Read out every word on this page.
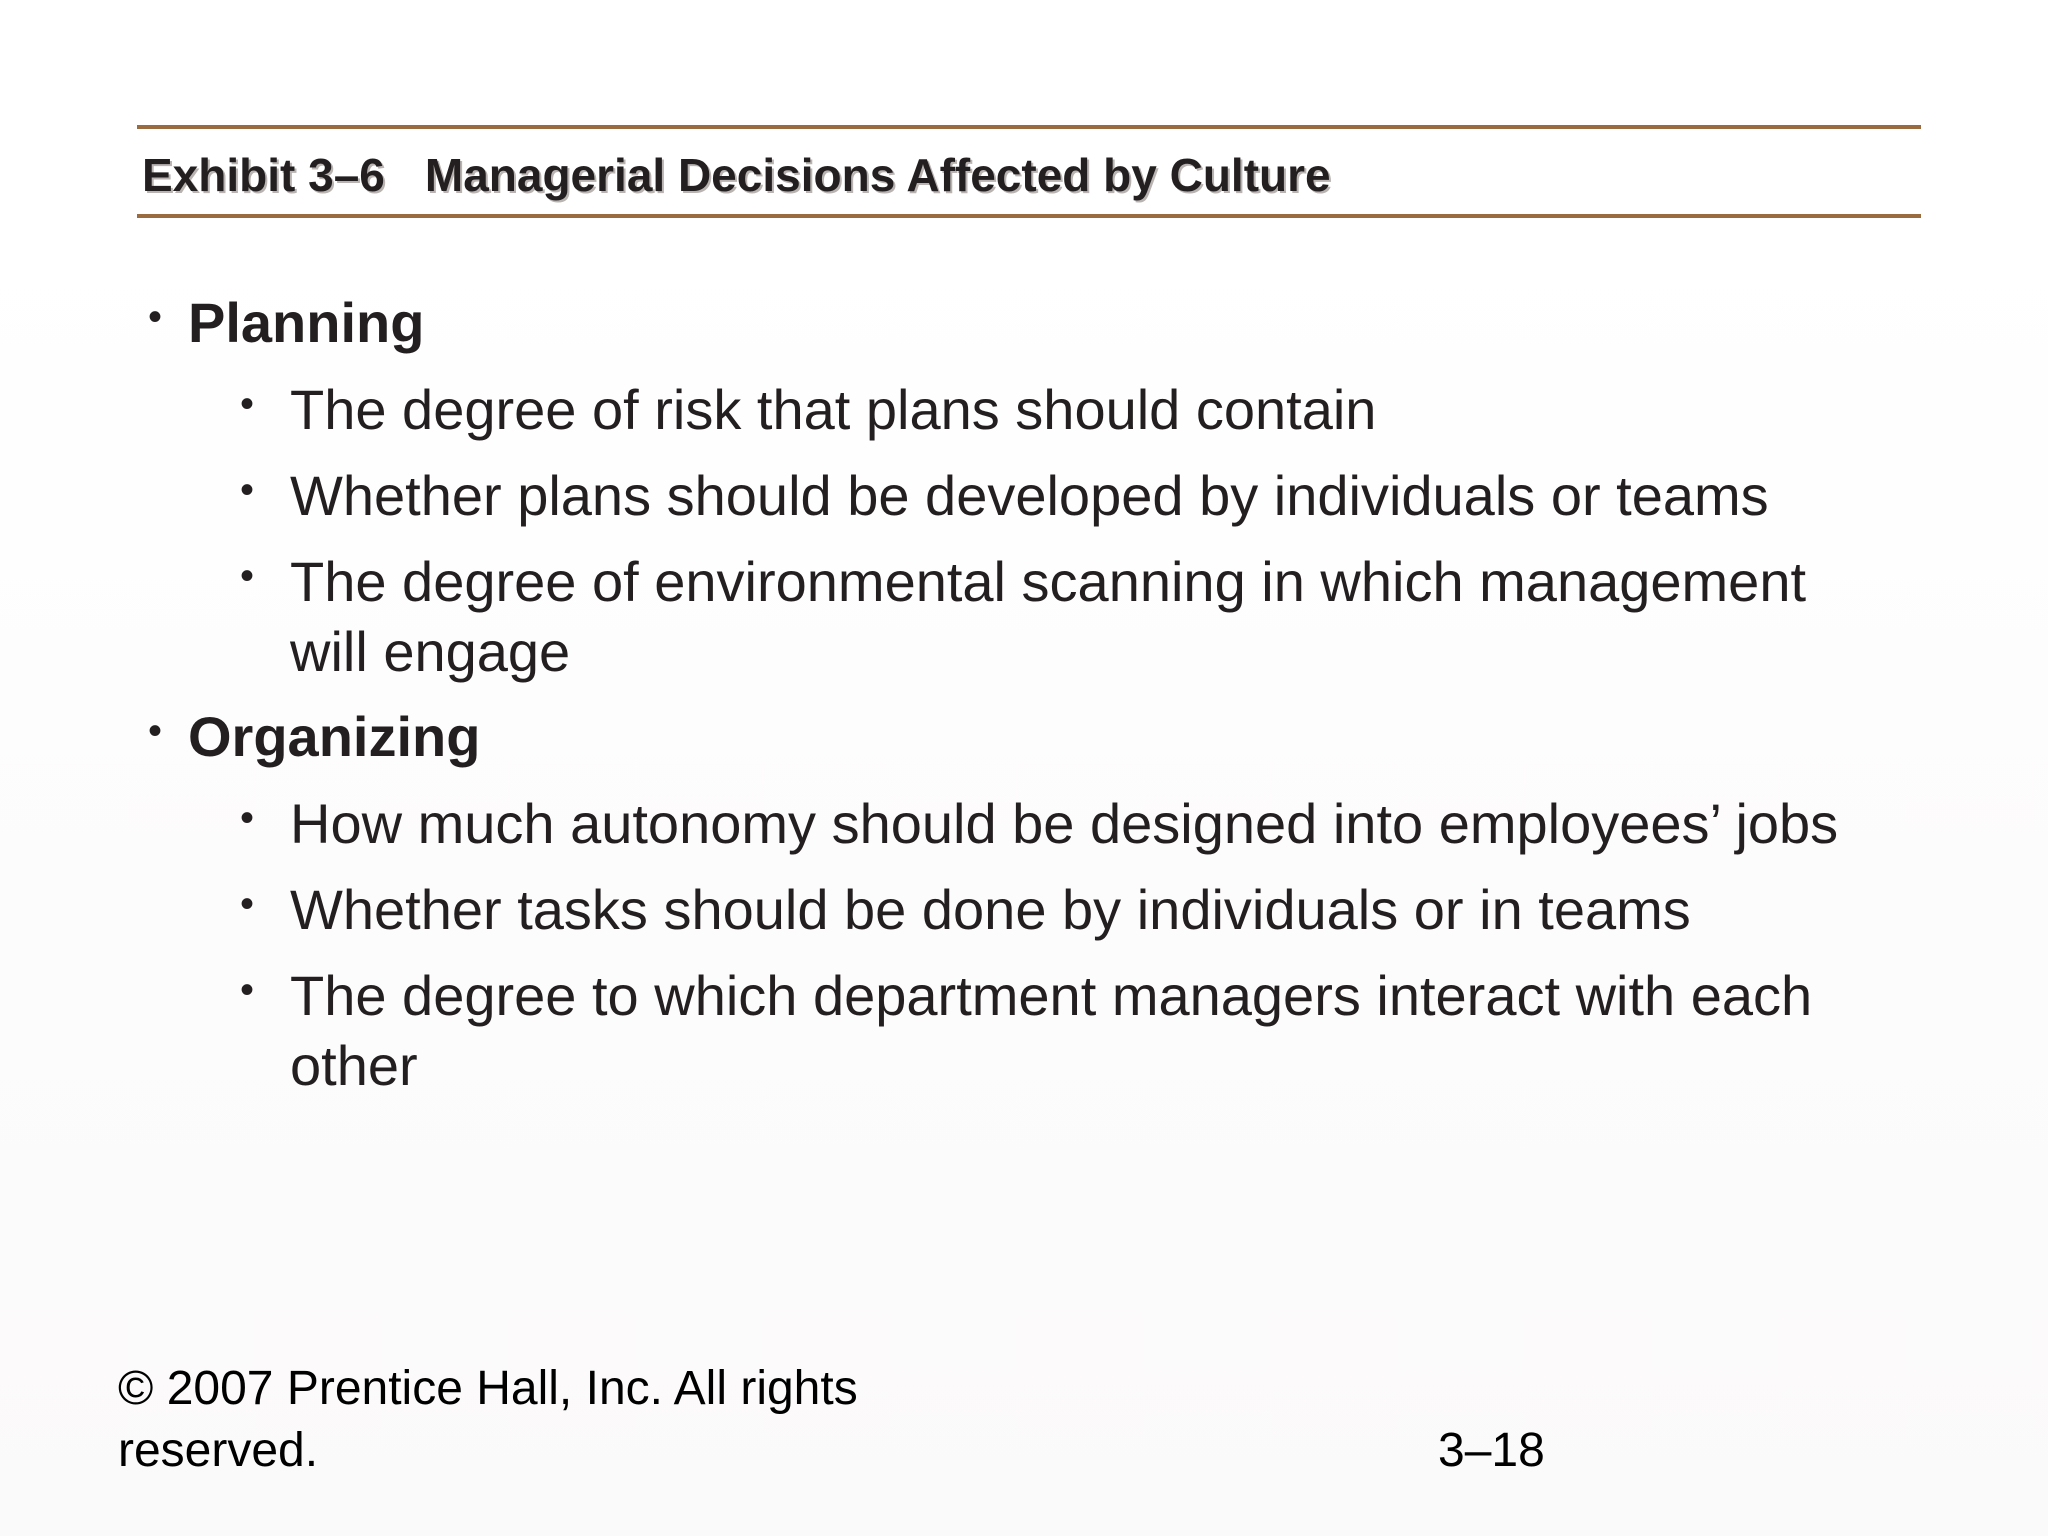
Exhibit 3–6 Managerial Decisions Affected by Culture
• Planning
• The degree of risk that plans should contain
• Whether plans should be developed by individuals or teams
• The degree of environmental scanning in which management will engage
• Organizing
• How much autonomy should be designed into employees’ jobs
• Whether tasks should be done by individuals or in teams
• The degree to which department managers interact with each other
© 2007 Prentice Hall, Inc. All rights reserved.	3–18
